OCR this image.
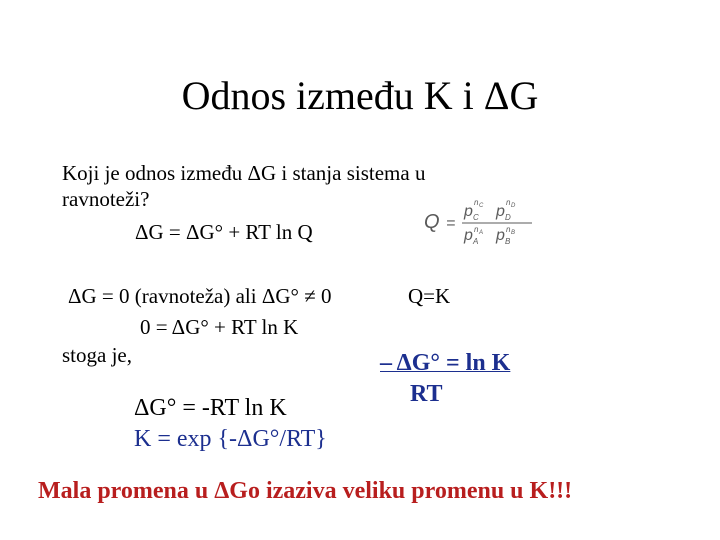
Odnos između K i ΔG
Koji je odnos između ΔG i stanja sistema u
ravnoteži?
ΔG = ΔG° + RT ln Q	Q =
p
n C
C p
n D
D
p n A
A p n B
B
ΔG = 0 (ravnoteža) ali ΔG° ≠ 0	Q=K
0 = ΔG° + RT ln K
stoga je,	– ΔG° = ln K
RT
ΔG° = -RT ln K
K = exp {-ΔG°/RT}
Mala promena u ΔGo izaziva veliku promenu u K!!!
